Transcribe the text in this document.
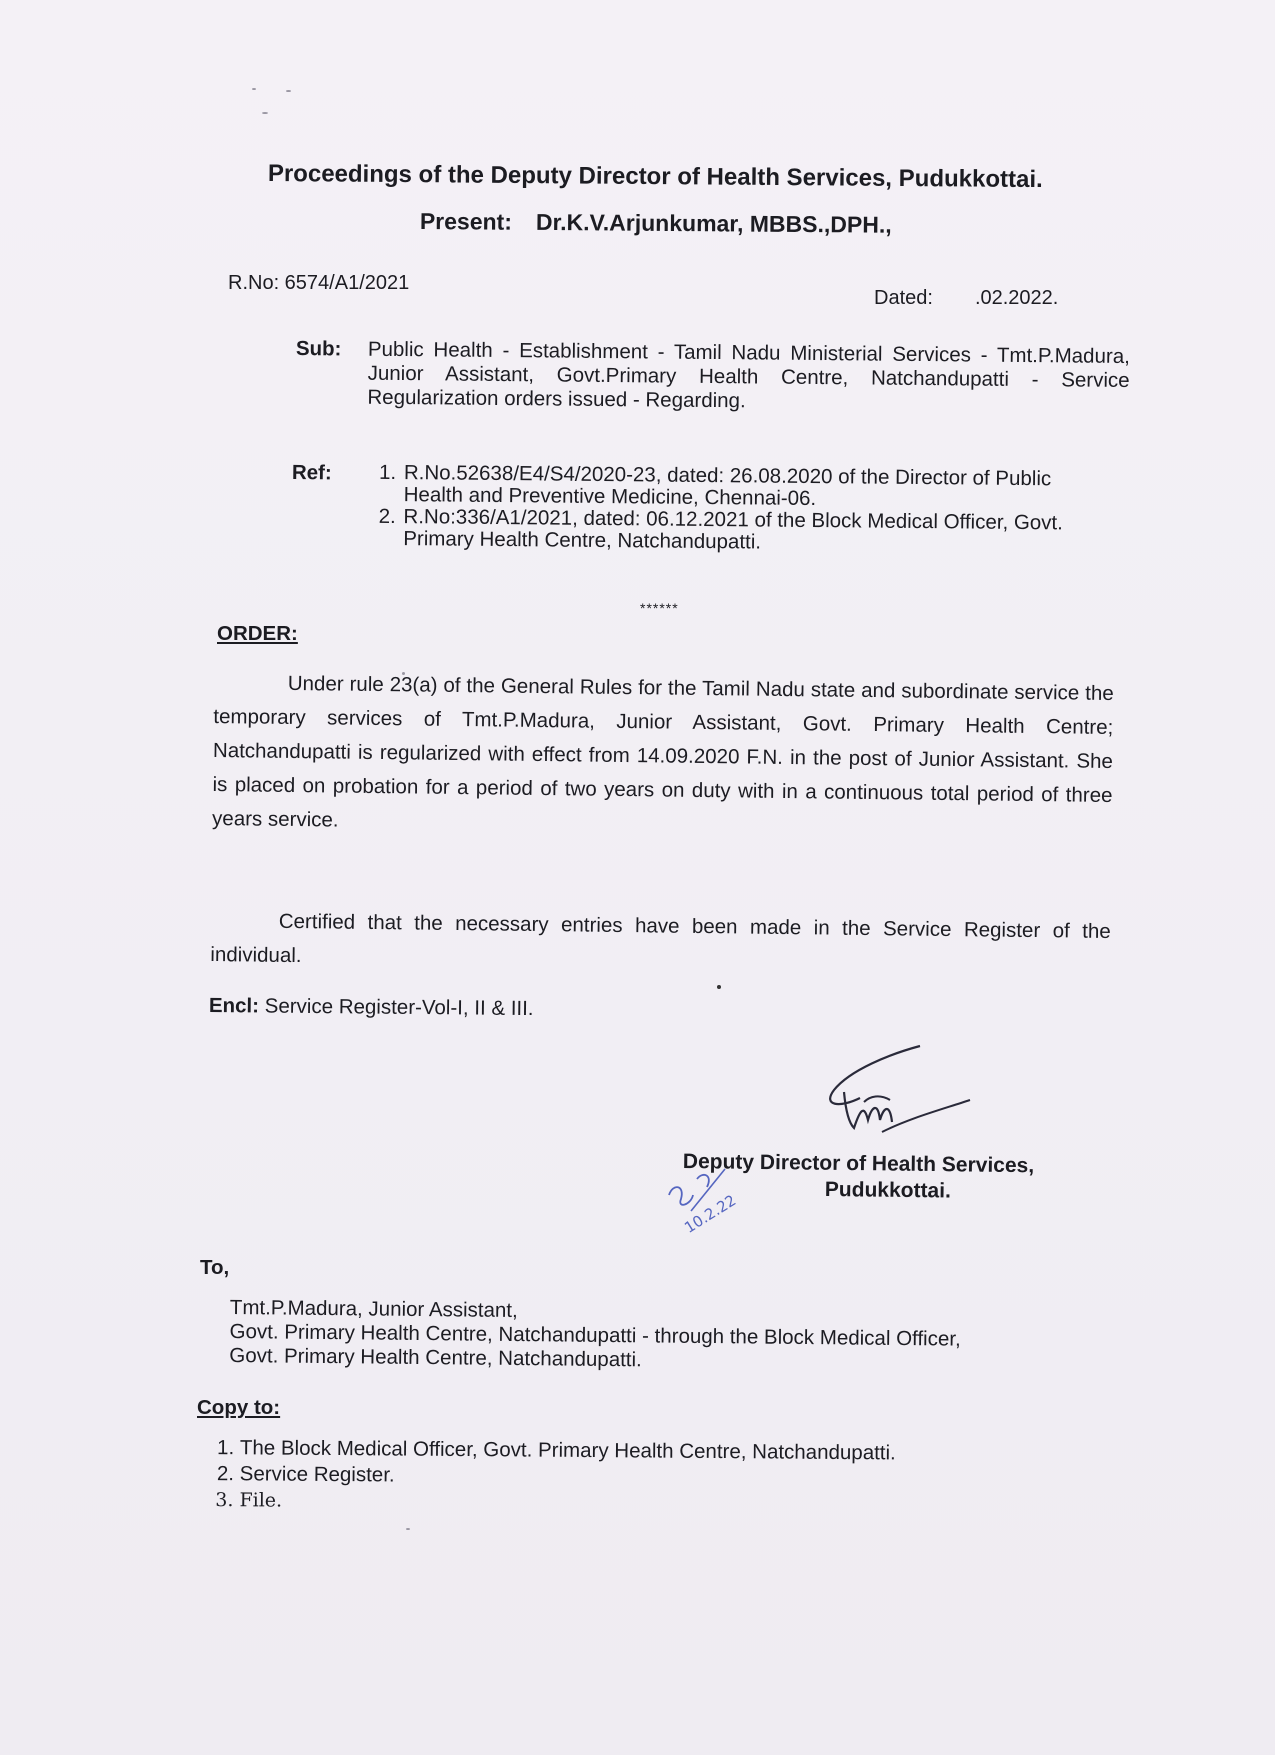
Proceedings of the Deputy Director of Health Services, Pudukkottai.
Present: Dr.K.V.Arjunkumar, MBBS.,DPH.,
R.No: 6574/A1/2021
Dated: .02.2022.
Sub: Public Health - Establishment - Tamil Nadu Ministerial Services - Tmt.P.Madura, Junior Assistant, Govt.Primary Health Centre, Natchandupatti - Service Regularization orders issued - Regarding.
Ref:
1.	R.No.52638/E4/S4/2020-23, dated: 26.08.2020 of the Director of Public Health and Preventive Medicine, Chennai-06.
2. R.No:336/A1/2021, dated: 06.12.2021 of the Block Medical Officer, Govt. Primary Health Centre, Natchandupatti.
******
ORDER:
Under rule 23(a) of the General Rules for the Tamil Nadu state and subordinate service the temporary services of Tmt.P.Madura, Junior Assistant, Govt. Primary Health Centre; Natchandupatti is regularized with effect from 14.09.2020 F.N. in the post of Junior Assistant. She is placed on probation for a period of two years on duty with in a continuous total period of three years service.
Certified that the necessary entries have been made in the Service Register of the individual.
Encl: Service Register-Vol-I, II & III.
Deputy Director of Health Services,
Pudukkottai.
10.2.22
To,
Tmt.P.Madura, Junior Assistant,
Govt. Primary Health Centre, Natchandupatti - through the Block Medical Officer,
Govt. Primary Health Centre, Natchandupatti.
Copy to:
1. The Block Medical Officer, Govt. Primary Health Centre, Natchandupatti.
2. Service Register.
3. File.
